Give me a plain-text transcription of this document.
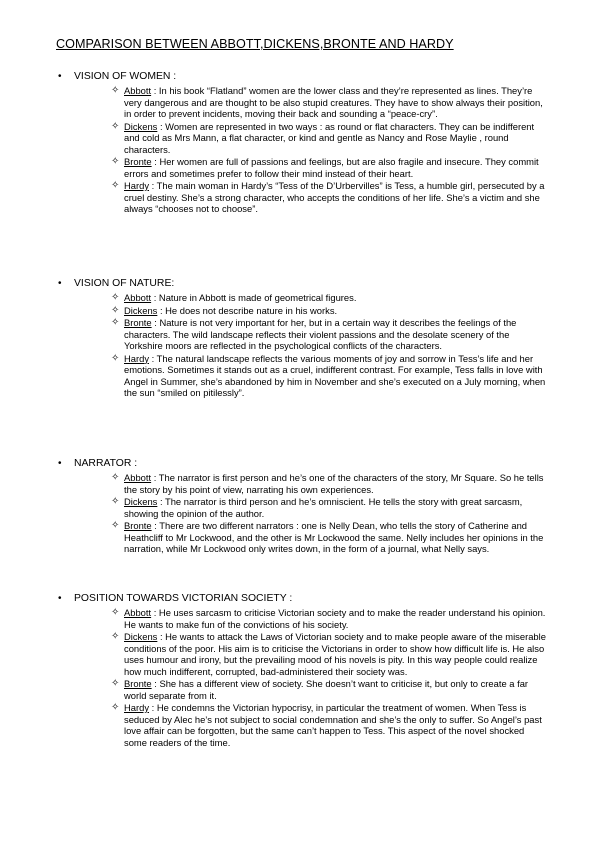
COMPARISON BETWEEN ABBOTT,DICKENS,BRONTE AND HARDY
•	VISION OF WOMEN :
✧ Abbott : In his book “Flatland” women are the lower class and they’re represented as lines. They’re very dangerous and are thought to be also stupid creatures. They have to show always their position, in order to prevent incidents, moving their back and sounding a “peace-cry”.
✧ Dickens : Women are represented in two ways : as round or flat characters. They can be indifferent and cold as Mrs Mann, a flat character, or kind and gentle as Nancy and Rose Maylie , round characters.
✧ Bronte : Her women are full of passions and feelings, but are also fragile and insecure. They commit errors and sometimes prefer to follow their mind instead of their heart.
✧ Hardy : The main woman in Hardy’s “Tess of the D’Urbervilles” is Tess, a humble girl, persecuted by a cruel destiny. She’s a strong character, who accepts the conditions of her life. She’s a victim and she always “chooses not to choose”.
•	VISION OF NATURE:
✧ Abbott : Nature in Abbott is made of geometrical figures.
✧ Dickens : He does not describe nature in his works.
✧ Bronte : Nature is not very important for her, but in a certain way it describes the feelings of the characters. The wild landscape reflects their violent passions and the desolate scenery of the Yorkshire moors are reflected in the psychological conflicts of the characters.
✧ Hardy : The natural landscape reflects the various moments of joy and sorrow in Tess’s life and her emotions. Sometimes it stands out as a cruel, indifferent contrast. For example, Tess falls in love with Angel in Summer, she’s abandoned by him in November and she’s executed on a July morning, when the sun “smiled on pitilessly”.
•	NARRATOR :
✧ Abbott : The narrator is first person and he’s one of the characters of the story, Mr Square. So he tells the story by his point of view, narrating his own experiences.
✧ Dickens : The narrator is third person and he’s omniscient. He tells the story with great sarcasm, showing the opinion of the author.
✧ Bronte : There are two different narrators : one is Nelly Dean, who tells the story of Catherine and Heathcliff to Mr Lockwood, and the other is Mr Lockwood the same. Nelly includes her opinions in the narration, while Mr Lockwood only writes down, in the form of a journal, what Nelly says.
•	POSITION TOWARDS VICTORIAN SOCIETY :
✧ Abbott : He uses sarcasm to criticise Victorian society and to make the reader understand his opinion. He wants to make fun of the convictions of his society.
✧ Dickens : He wants to attack the Laws of Victorian society and to make people aware of the miserable conditions of the poor. His aim is to criticise the Victorians in order to show how difficult life is. He also uses humour and irony, but the prevailing mood of his novels is pity. In this way people could realize how much indifferent, corrupted, bad-administered their society was.
✧ Bronte : She has a different view of society. She doesn’t want to criticise it, but only to create a far world separate from it.
✧ Hardy : He condemns the Victorian hypocrisy, in particular the treatment of women. When Tess is seduced by Alec he’s not subject to social condemnation and she’s the only to suffer. So Angel’s past love affair can be forgotten, but the same can’t happen to Tess. This aspect of the novel shocked some readers of the time.
